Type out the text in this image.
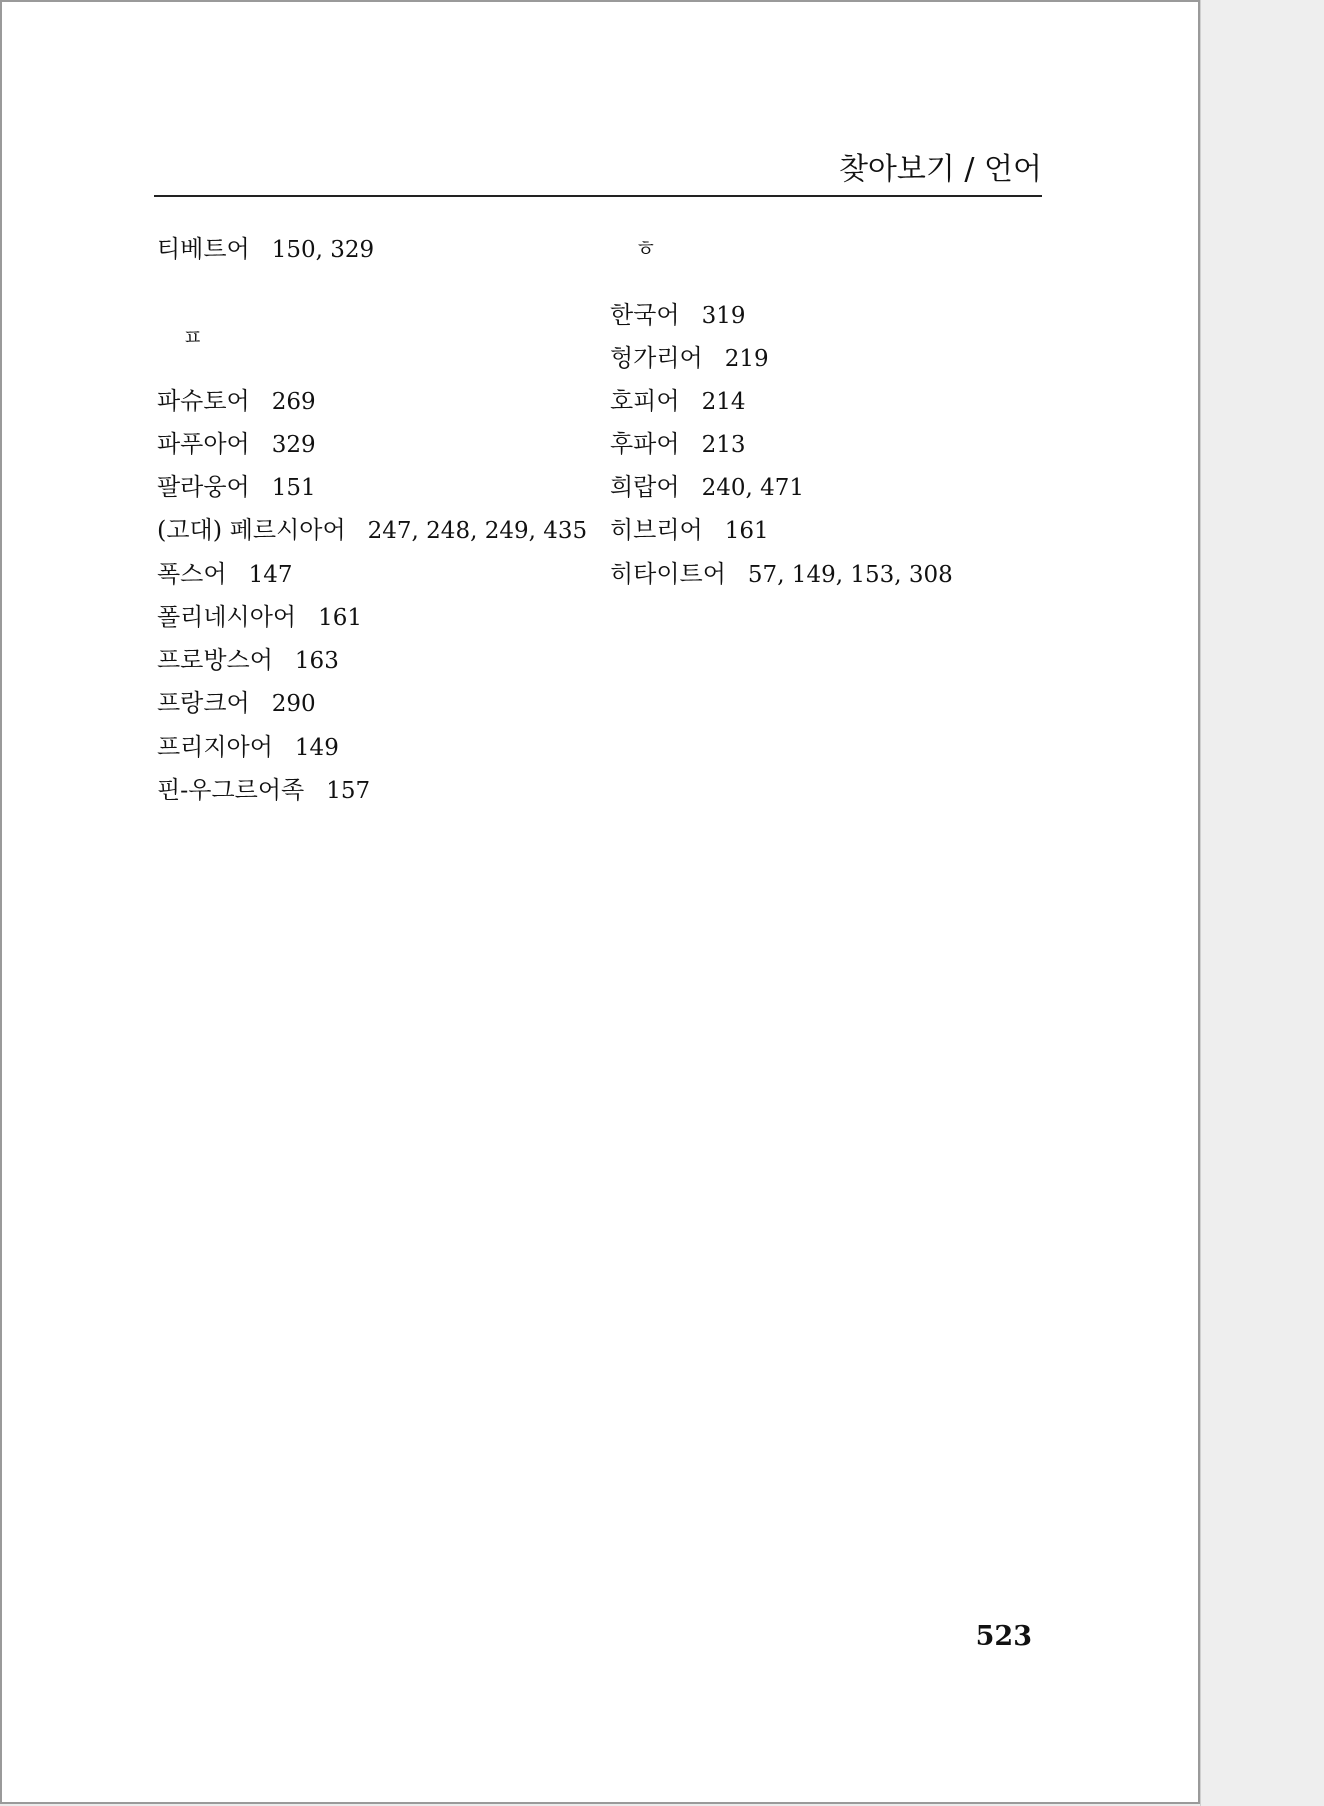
찾아보기 / 언어
티베트어 150, 329
ㅍ
파슈토어 269
파푸아어 329
팔라웅어 151
(고대) 페르시아어 247, 248, 249, 435
폭스어 147
폴리네시아어 161
프로방스어 163
프랑크어 290
프리지아어 149
핀-우그르어족 157
ㅎ
한국어 319
헝가리어 219
호피어 214
후파어 213
희랍어 240, 471
히브리어 161
히타이트어 57, 149, 153, 308
523
